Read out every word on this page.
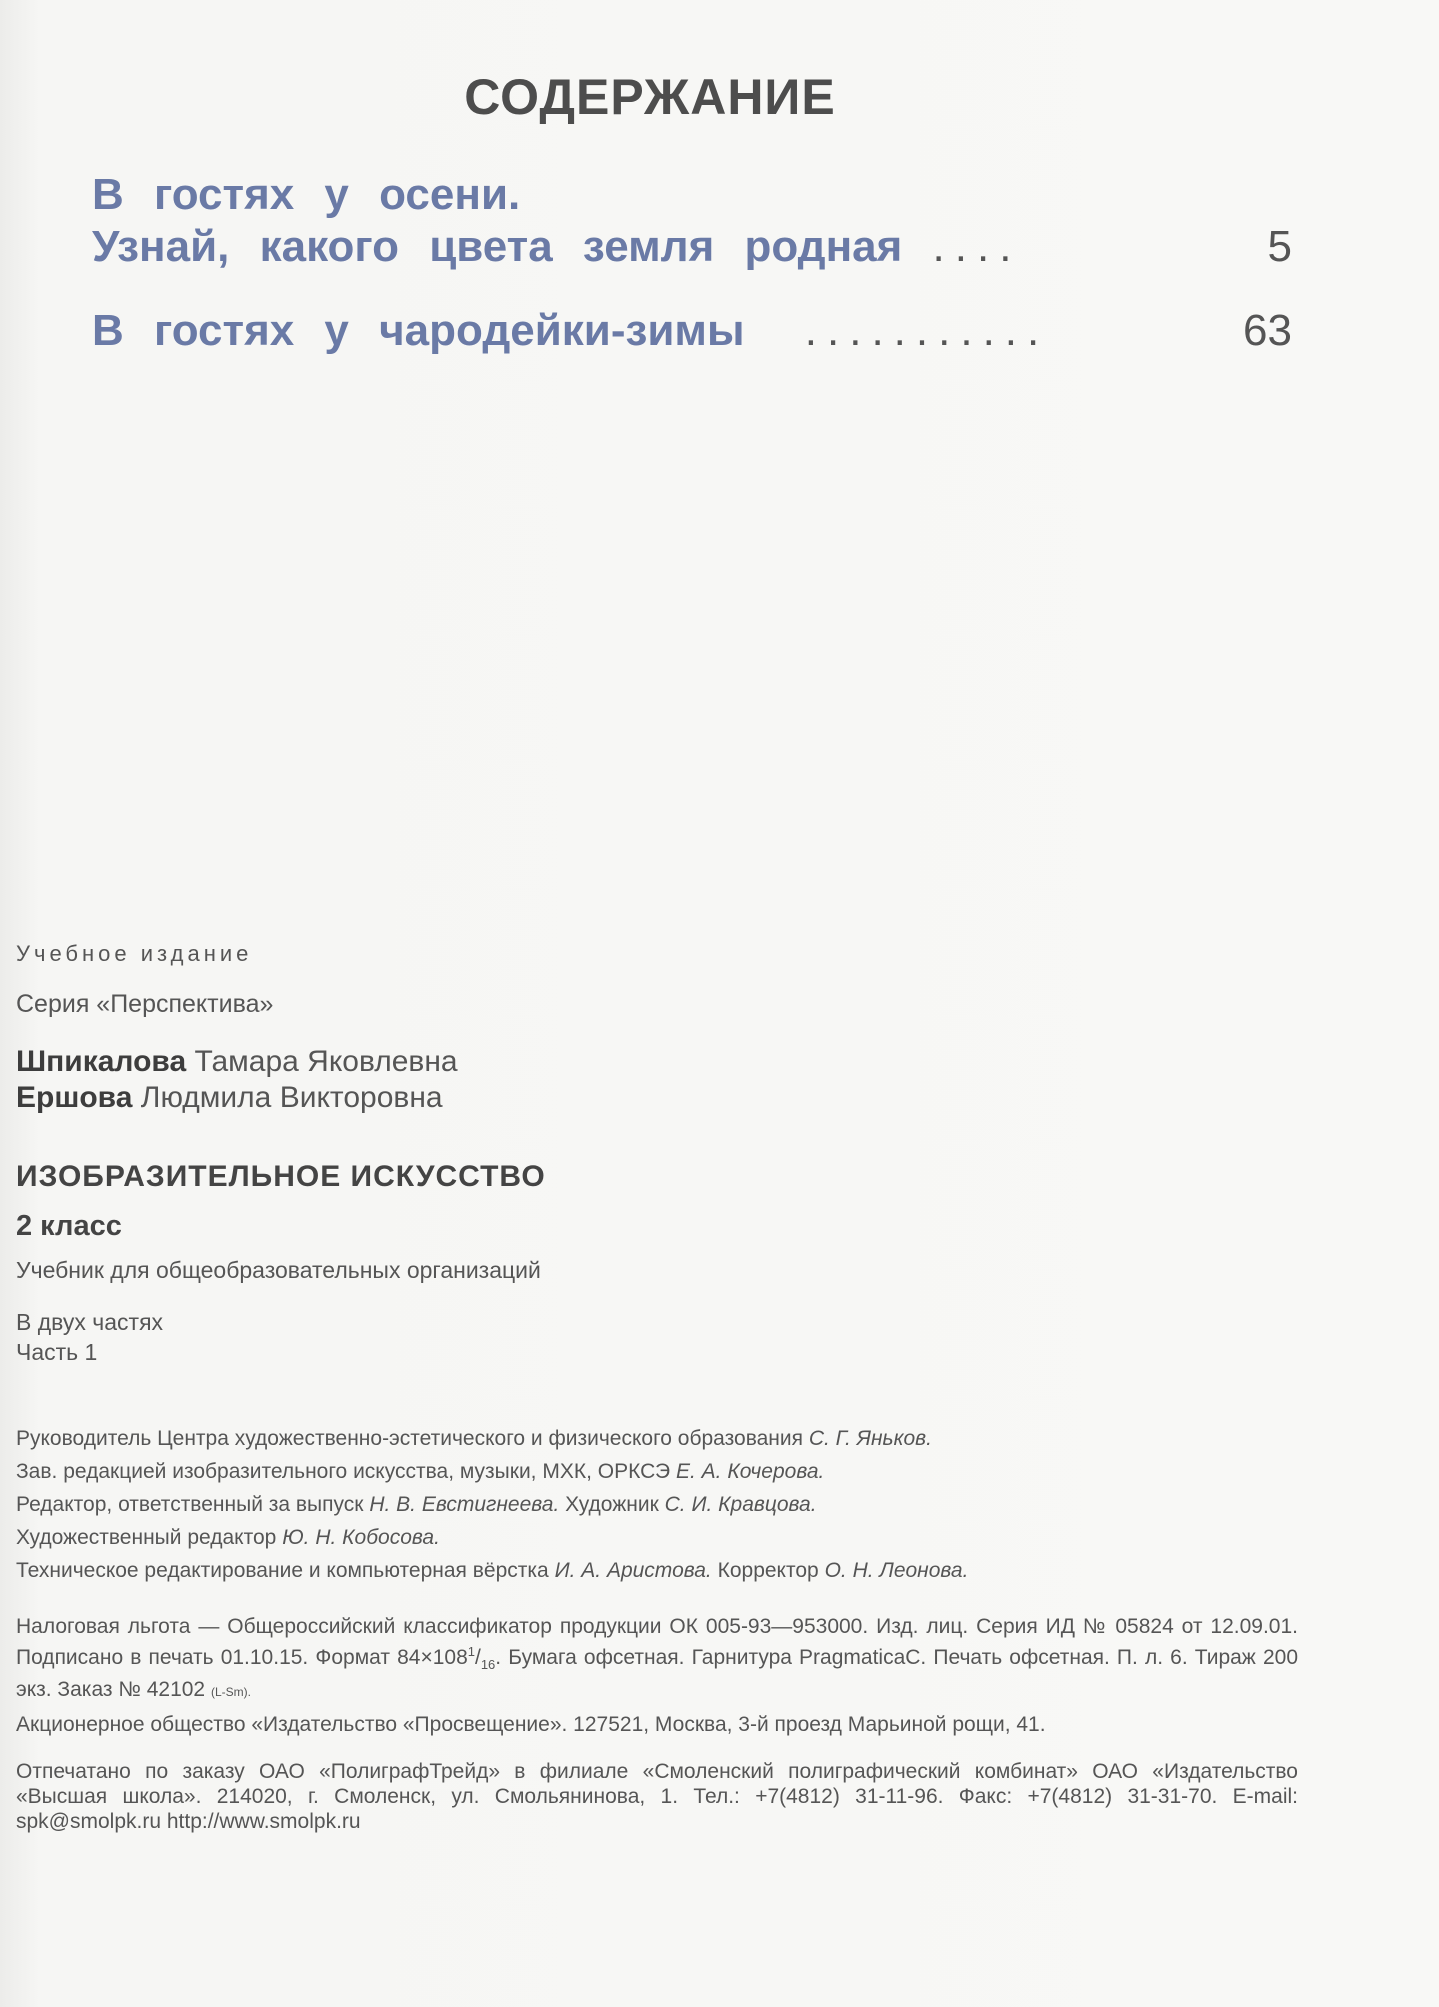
СОДЕРЖАНИЕ
В гостях у осени.
Узнай, какого цвета земля родная ....	5
В гостях у чародейки-зимы ...........	63
Учебное издание
Серия «Перспектива»
Шпикалова Тамара Яковлевна
Ершова Людмила Викторовна
ИЗОБРАЗИТЕЛЬНОЕ ИСКУССТВО
2 класс
Учебник для общеобразовательных организаций
В двух частях
Часть 1
Руководитель Центра художественно-эстетического и физического образования С. Г. Яньков.
Зав. редакцией изобразительного искусства, музыки, МХК, ОРКСЭ Е. А. Кочерова.
Редактор, ответственный за выпуск Н. В. Евстигнеева. Художник С. И. Кравцова.
Художественный редактор Ю. Н. Кобосова.
Техническое редактирование и компьютерная вёрстка И. А. Аристова. Корректор О. Н. Леонова.
Налоговая льгота — Общероссийский классификатор продукции ОК 005-93—953000. Изд. лиц. Серия ИД № 05824 от 12.09.01. Подписано в печать 01.10.15. Формат $84\times 108^1/_{16}$. Бумага офсетная. Гарнитура PragmaticaC. Печать офсетная. П. л. 6. Тираж 200 экз. Заказ № 42102 (L-Sm).
Акционерное общество «Издательство «Просвещение». 127521, Москва, 3-й проезд Марьиной рощи, 41.
Отпечатано по заказу ОАО «ПолиграфТрейд» в филиале «Смоленский полиграфический комбинат» ОАО «Издательство «Высшая школа». 214020, г. Смоленск, ул. Смольянинова, 1. Тел.: +7(4812) 31-11-96. Факс: +7(4812) 31-31-70. E-mail: spk@smolpk.ru http://www.smolpk.ru
